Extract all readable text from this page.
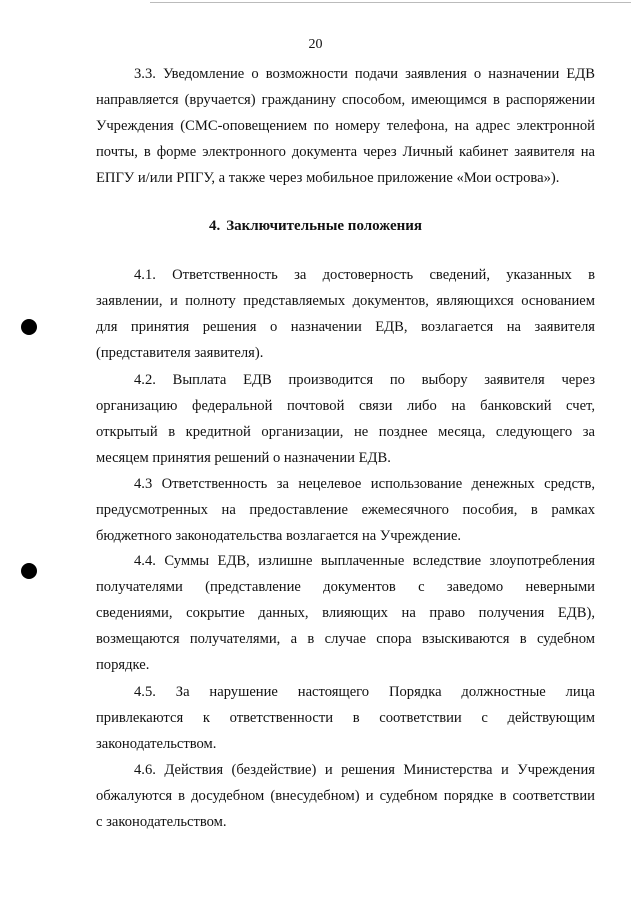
20
3.3. Уведомление о возможности подачи заявления о назначении ЕДВ
направляется (вручается) гражданину способом, имеющимся в распоряжении
Учреждения (СМС-оповещением по номеру телефона, на адрес электронной
почты, в форме электронного документа через Личный кабинет заявителя на
ЕПГУ и/или РПГУ, а также через мобильное приложение «Мои острова»).
4. Заключительные положения
4.1. Ответственность за достоверность сведений, указанных в
заявлении, и полноту представляемых документов, являющихся основанием
для принятия решения о назначении ЕДВ, возлагается на заявителя
(представителя заявителя).
4.2. Выплата ЕДВ производится по выбору заявителя через
организацию федеральной почтовой связи либо на банковский счет,
открытый в кредитной организации, не позднее месяца, следующего за
месяцем принятия решений о назначении ЕДВ.
4.3 Ответственность за нецелевое использование денежных средств,
предусмотренных на предоставление ежемесячного пособия, в рамках
бюджетного законодательства возлагается на Учреждение.
4.4. Суммы ЕДВ, излишне выплаченные вследствие злоупотребления
получателями (представление документов с заведомо неверными
сведениями, сокрытие данных, влияющих на право получения ЕДВ),
возмещаются получателями, а в случае спора взыскиваются в судебном
порядке.
4.5. За нарушение настоящего Порядка должностные лица
привлекаются к ответственности в соответствии с действующим
законодательством.
4.6. Действия (бездействие) и решения Министерства и Учреждения
обжалуются в досудебном (внесудебном) и судебном порядке в соответствии
с законодательством.
